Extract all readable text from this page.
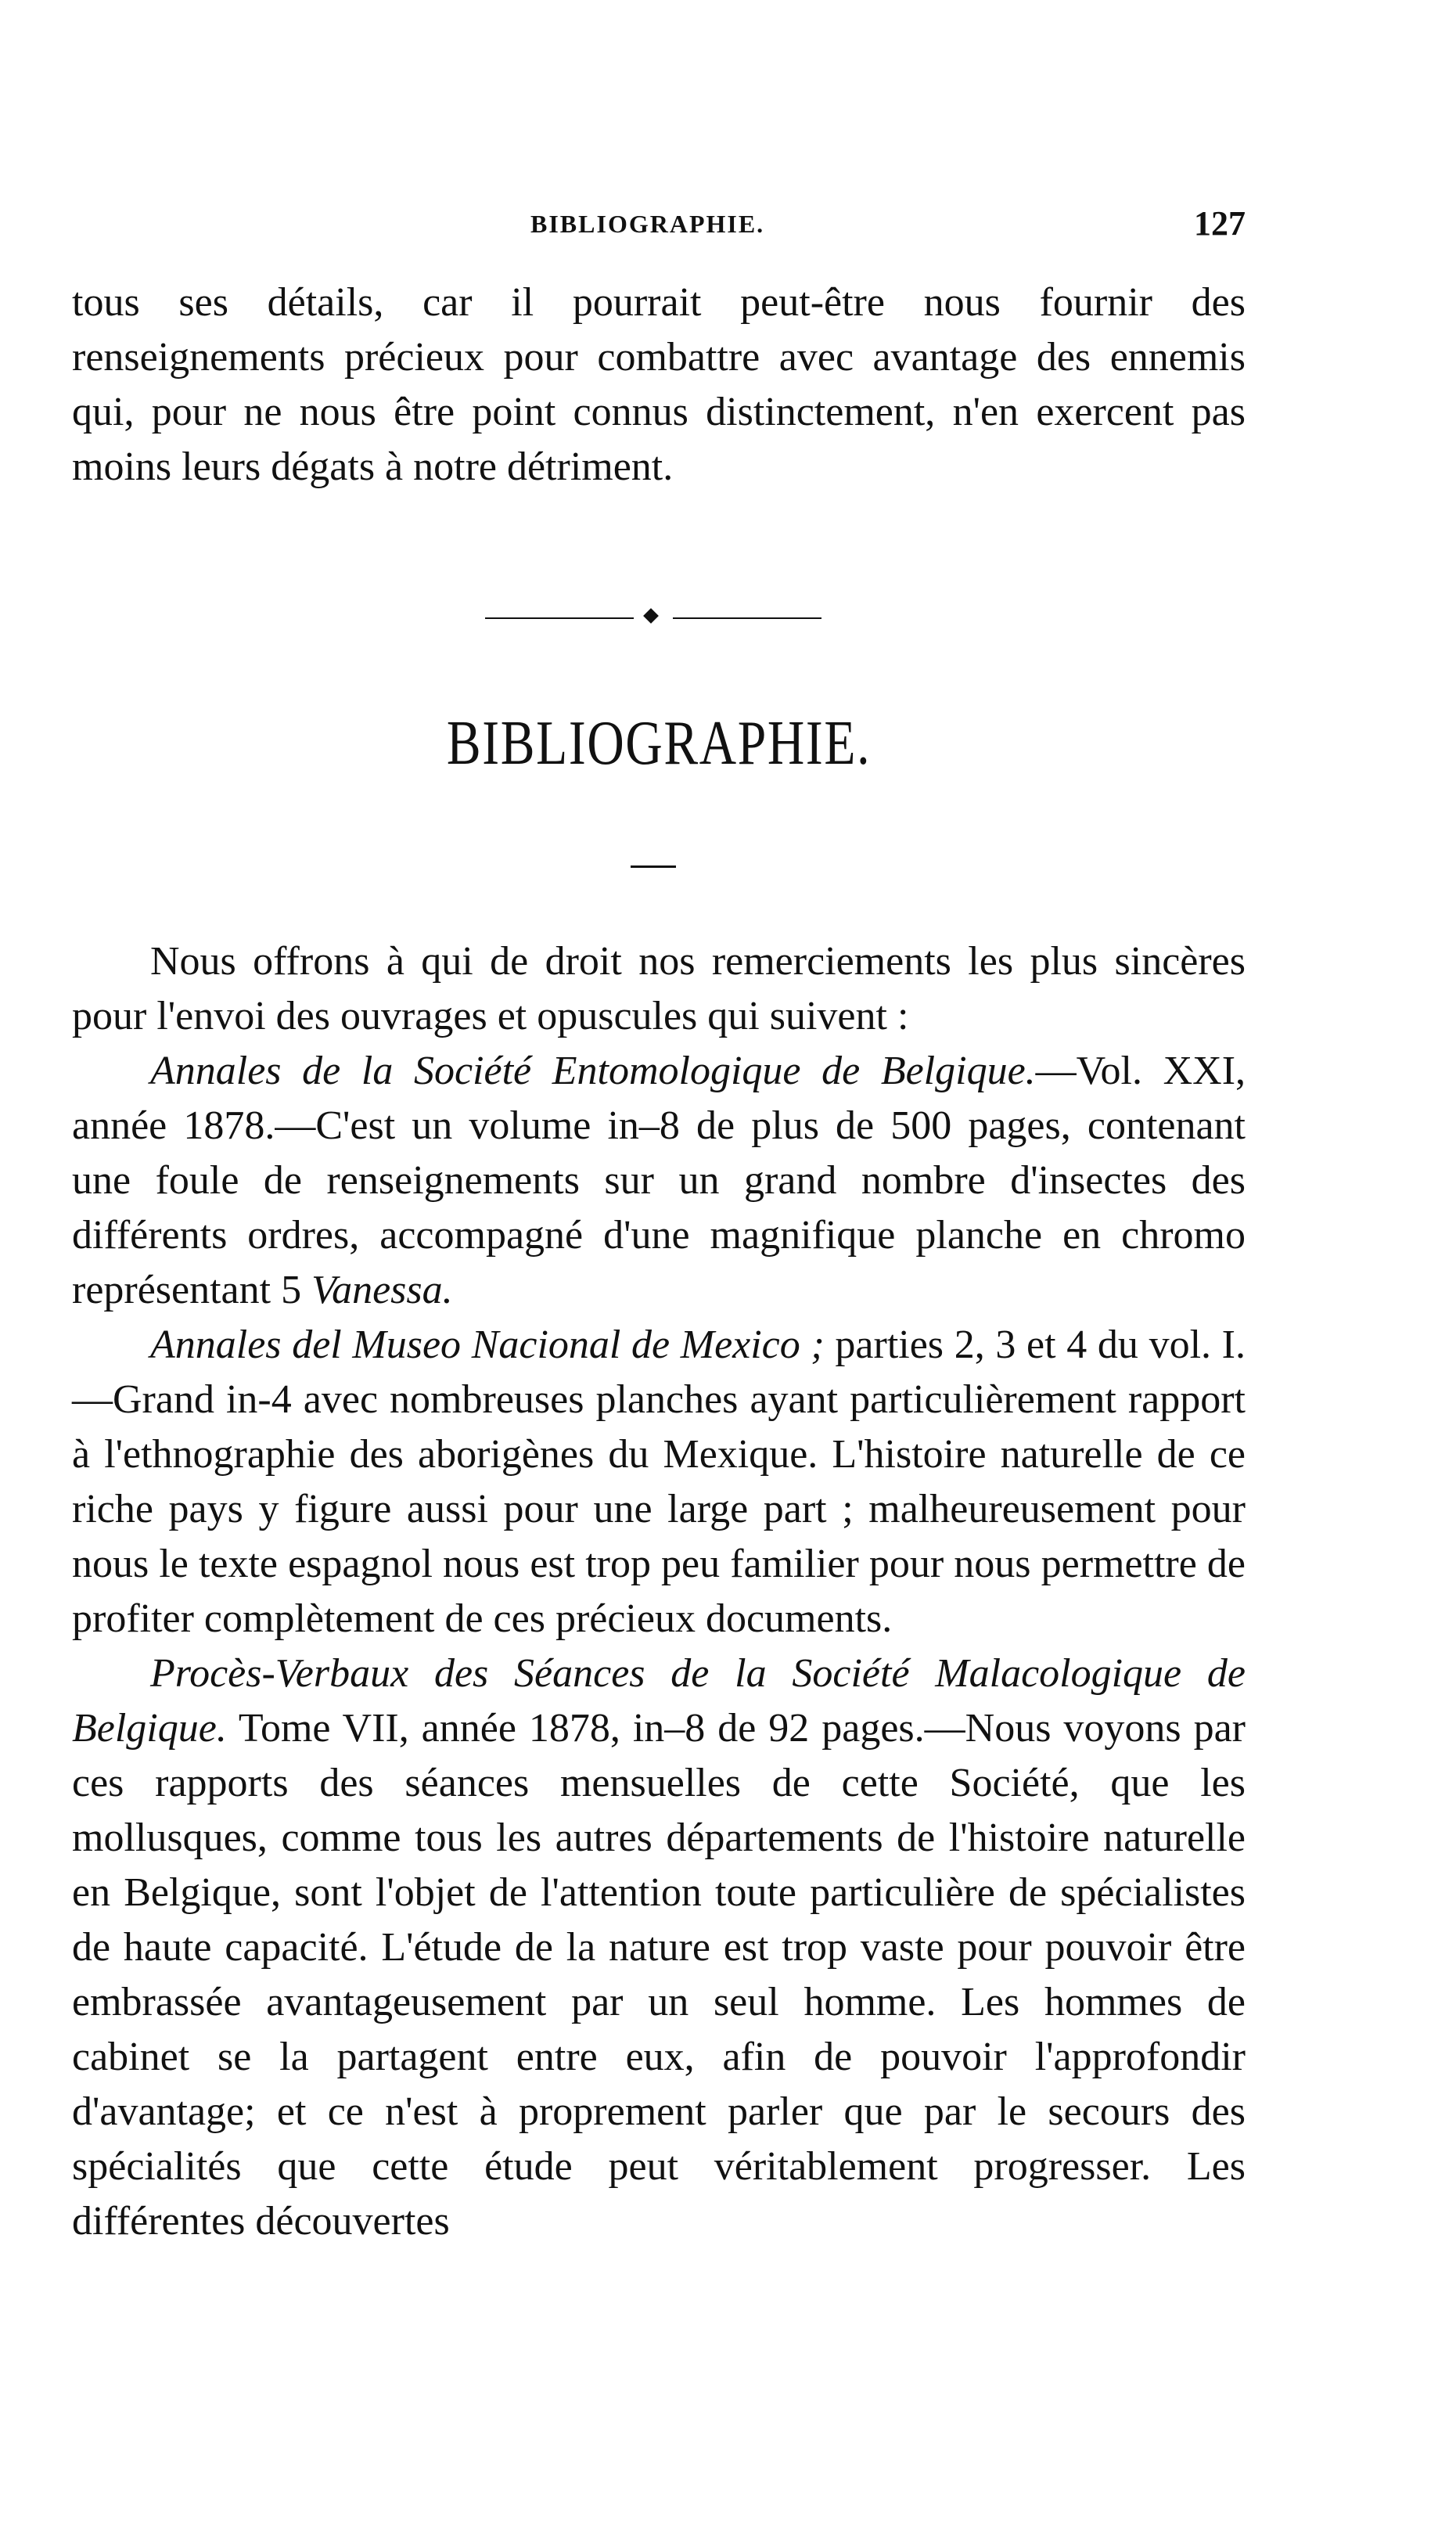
BIBLIOGRAPHIE.	127

tous ses détails, car il pourrait peut-être nous fournir des renseignements précieux pour combattre avec avantage des ennemis qui, pour ne nous être point connus distinctement, n'en exercent pas moins leurs dégats à notre détriment.

BIBLIOGRAPHIE.

Nous offrons à qui de droit nos remerciements les plus sincères pour l'envoi des ouvrages et opuscules qui suivent :

Annales de la Société Entomologique de Belgique.—Vol. XXI, année 1878.—C'est un volume in–8 de plus de 500 pages, contenant une foule de renseignements sur un grand nombre d'insectes des différents ordres, accompagné d'une magnifique planche en chromo représentant 5 Vanessa.

Annales del Museo Nacional de Mexico ; parties 2, 3 et 4 du vol. I.—Grand in-4 avec nombreuses planches ayant particulièrement rapport à l'ethnographie des aborigènes du Mexique. L'histoire naturelle de ce riche pays y figure aussi pour une large part ; malheureusement pour nous le texte espagnol nous est trop peu familier pour nous permettre de profiter complètement de ces précieux documents.

Procès-Verbaux des Séances de la Société Malacologique de Belgique. Tome VII, année 1878, in–8 de 92 pages.—Nous voyons par ces rapports des séances mensuelles de cette Société, que les mollusques, comme tous les autres départements de l'histoire naturelle en Belgique, sont l'objet de l'attention toute particulière de spécialistes de haute capacité. L'étude de la nature est trop vaste pour pouvoir être embrassée avantageusement par un seul homme. Les hommes de cabinet se la partagent entre eux, afin de pouvoir l'approfondir d'avantage; et ce n'est à proprement parler que par le secours des spécialités que cette étude peut véritablement progresser. Les différentes découvertes
